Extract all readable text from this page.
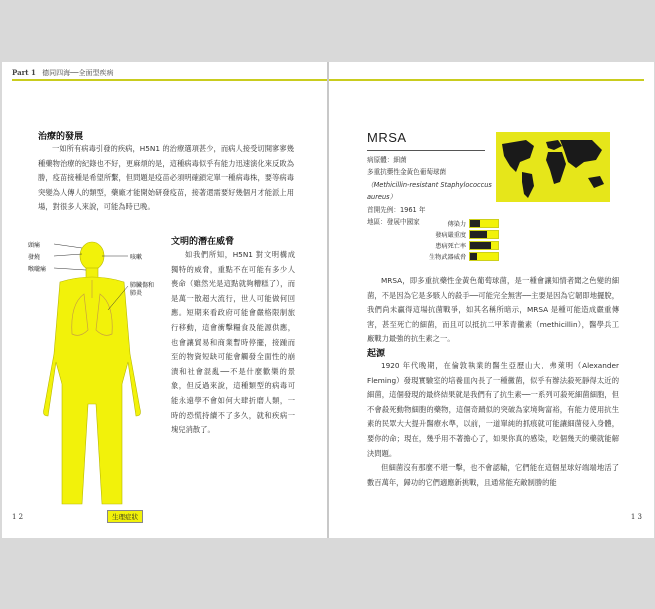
Part 1 德同四海──全面型疾病
治療的發展

一如所有病毒引發的疾病，H5N1 的治療選項甚少，而病人接受切開寥寥幾種藥物治療的紀錄也不好，更麻煩的是，這種病毒似乎有能力迅速演化來反敗為勝，疫苗接種是希望所繫，但問題是疫苗必須明確鎖定單一種病毒株，要等病毒突變為人傳人的類型，藥廠才能開始研發疫苗，接著還需要好幾個月才能派上用場，對很多人來說，可能為時已晚。

頭痛
發燒
喉嚨痛
咳嗽
肺臟傷和肺炎
生理症狀
文明的潛在威脅

如我們所知，H5N1 對文明構成獨特的威脅，重點不在可能有多少人喪命（雖然光是這點就夠糟糕了），而是萬一散超大流行，世人可能做何回應。短期來看政府可能會嚴格限制旅行移動，這會衝擊糧食及能源供應，也會讓貿易和商業暫時停擺，接踵而至的物資短缺可能會觸發全面性的崩潰和社會混亂──不是什麼歡樂的景象，但反過來說，這種類型的病毒可能永遠學不會如何大肆折磨人類，一時的恐慌持續不了多久，就和疾病一塊兒消散了。

1 2
MRSA
病原體：細菌
多重抗藥性金黃色葡萄球菌
（Methicillin-resistant Staphylococcus
aureus）
首開先例：1961 年
地區：發展中國家	傳染力
發病嚴重度
患病死亡率
生物武器威脅

MRSA，即多重抗藥性金黃色葡萄球菌，是一種會讓知情者聞之色變的細菌，不是因為它是多駭人的殺手──可能完全無害──主要是因為它韌即地擺脫，我們尚未贏得這場抗菌戰爭，如其名稱所暗示，MRSA 是種可能造成嚴重傳害，甚至死亡的細菌，而且可以抵抗二甲苯青黴素（methicillin），醫學兵工廠戰力最強的抗生素之一。

起源

1920 年代晚期，在倫敦執業的醫生亞歷山大．弗萊明（Alexander Fleming）發現實驗室的培養皿內長了一種黴菌，似乎有辦法殺死靜得太近的細菌，這個發現的最終結果就是我們有了抗生素──一系列可殺死細菌細胞，但不會殺死動物細胞的藥物，這個奇蹟似的突破為家境夠富裕，有能力使用抗生素的民眾大大提升醫療水準，以前，一道單純的抓痕就可能讓細菌侵入身體，要你的命；現在，幾乎用不著擔心了，如果你真的感染，吃個幾天的藥就能解決問題。

但細菌沒有那麼不堪一擊，也不會認輸，它們能在這個星球好端端地活了數百萬年，歸功的它們適應新挑戰，且通常能充敵制勝的能

1 3
